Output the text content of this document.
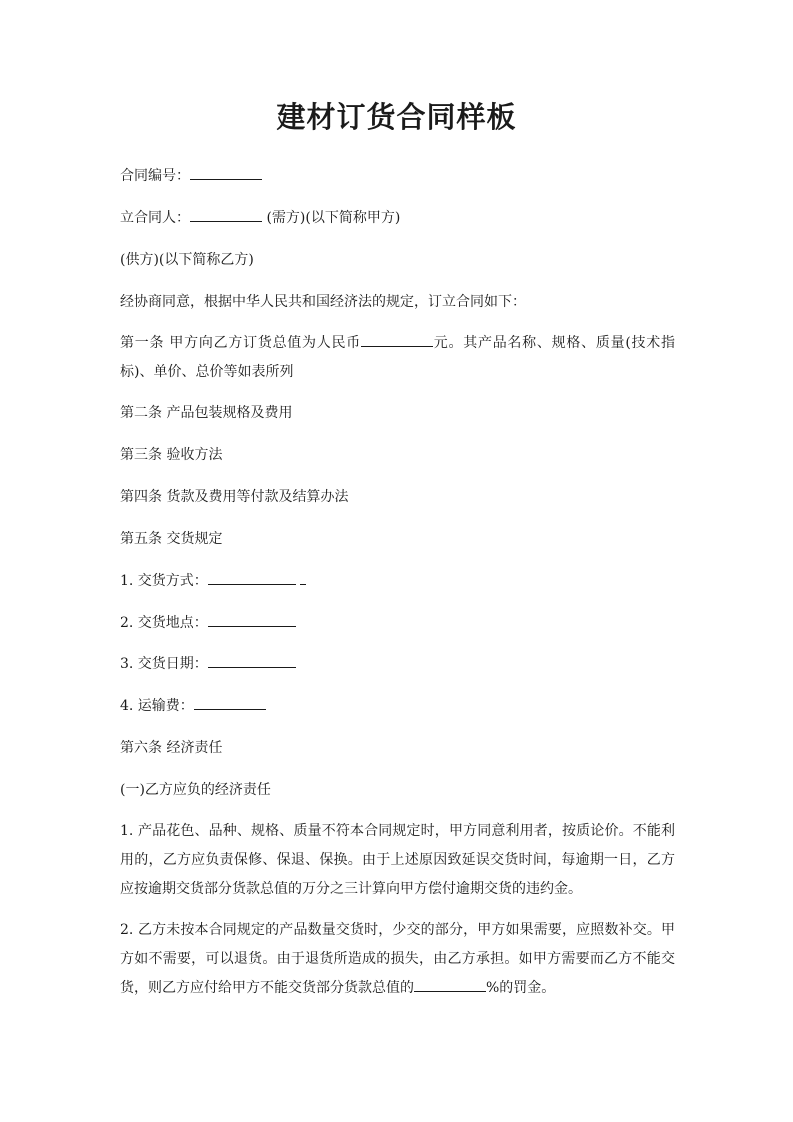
建材订货合同样板

合同编号：

立合同人：	(需方)(以下简称甲方)

(供方)(以下简称乙方)

经协商同意，根据中华人民共和国经济法的规定，订立合同如下：

第一条 甲方向乙方订货总值为人民币	元。其产品名称、规格、质量(技术指标)、单价、总价等如表所列

第二条 产品包装规格及费用

第三条 验收方法

第四条 货款及费用等付款及结算办法

第五条 交货规定

1. 交货方式：

2. 交货地点：

3. 交货日期：

4. 运输费：

第六条 经济责任

(一)乙方应负的经济责任

1. 产品花色、品种、规格、质量不符本合同规定时，甲方同意利用者，按质论价。不能利用的，乙方应负责保修、保退、保换。由于上述原因致延误交货时间，每逾期一日，乙方应按逾期交货部分货款总值的万分之三计算向甲方偿付逾期交货的违约金。

2. 乙方未按本合同规定的产品数量交货时，少交的部分，甲方如果需要，应照数补交。甲方如不需要，可以退货。由于退货所造成的损失，由乙方承担。如甲方需要而乙方不能交货，则乙方应付给甲方不能交货部分货款总值的	%的罚金。
